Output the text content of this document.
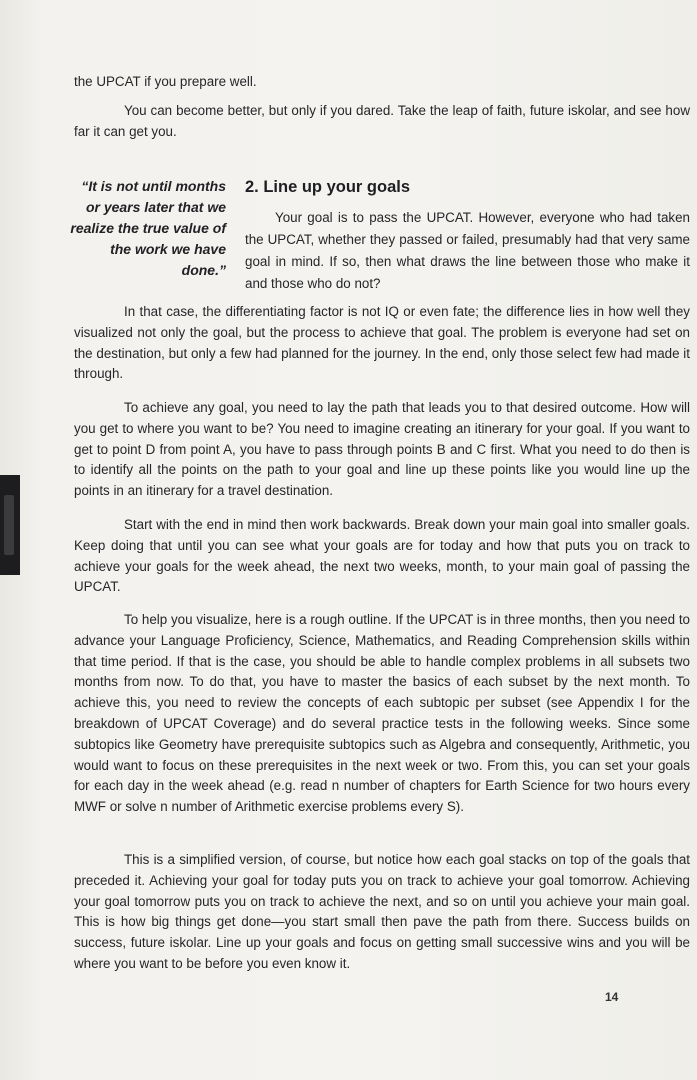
the UPCAT if you prepare well.

You can become better, but only if you dared. Take the leap of faith, future iskolar, and see how far it can get you.

“It is not until months or years later that we realize the true value of the work we have done.”
2. Line up your goals
Your goal is to pass the UPCAT. However, everyone who had taken the UPCAT, whether they passed or failed, presumably had that very same goal in mind. If so, then what draws the line between those who make it and those who do not?

In that case, the differentiating factor is not IQ or even fate; the difference lies in how well they visualized not only the goal, but the process to achieve that goal. The problem is everyone had set on the destination, but only a few had planned for the journey. In the end, only those select few had made it through.

To achieve any goal, you need to lay the path that leads you to that desired outcome. How will you get to where you want to be? You need to imagine creating an itinerary for your goal. If you want to get to point D from point A, you have to pass through points B and C first. What you need to do then is to identify all the points on the path to your goal and line up these points like you would line up the points in an itinerary for a travel destination.

Start with the end in mind then work backwards. Break down your main goal into smaller goals. Keep doing that until you can see what your goals are for today and how that puts you on track to achieve your goals for the week ahead, the next two weeks, month, to your main goal of passing the UPCAT.

To help you visualize, here is a rough outline. If the UPCAT is in three months, then you need to advance your Language Proficiency, Science, Mathematics, and Reading Comprehension skills within that time period. If that is the case, you should be able to handle complex problems in all subsets two months from now. To do that, you have to master the basics of each subset by the next month. To achieve this, you need to review the concepts of each subtopic per subset (see Appendix I for the breakdown of UPCAT Coverage) and do several practice tests in the following weeks. Since some subtopics like Geometry have prerequisite subtopics such as Algebra and consequently, Arithmetic, you would want to focus on these prerequisites in the next week or two. From this, you can set your goals for each day in the week ahead (e.g. read n number of chapters for Earth Science for two hours every MWF or solve n number of Arithmetic exercise problems every S).

This is a simplified version, of course, but notice how each goal stacks on top of the goals that preceded it. Achieving your goal for today puts you on track to achieve your goal tomorrow. Achieving your goal tomorrow puts you on track to achieve the next, and so on until you achieve your main goal. This is how big things get done—you start small then pave the path from there. Success builds on success, future iskolar. Line up your goals and focus on getting small successive wins and you will be where you want to be before you even know it.

14
